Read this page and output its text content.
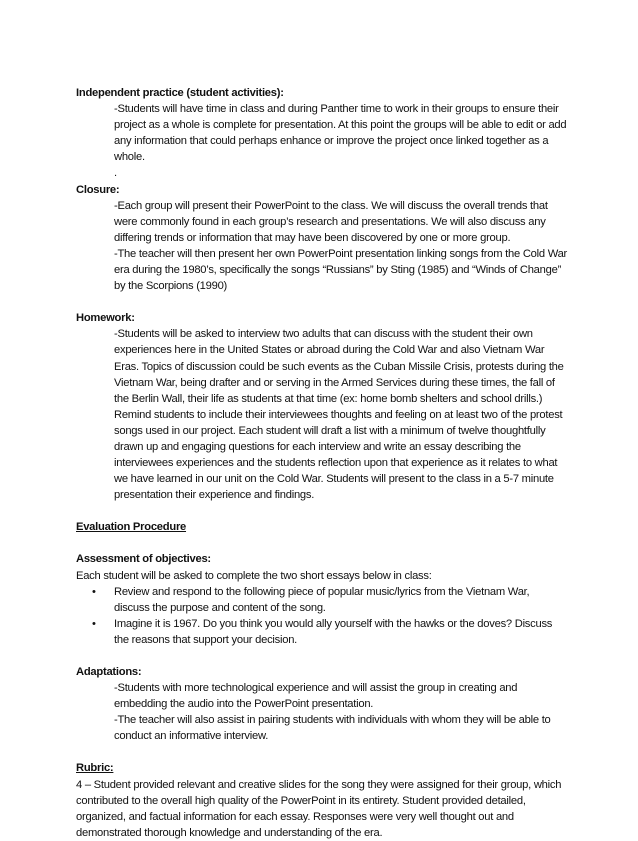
Independent practice (student activities):
-Students will have time in class and during Panther time to work in their groups to ensure their project as a whole is complete for presentation. At this point the groups will be able to edit or add any information that could perhaps enhance or improve the project once linked together as a whole.
.
Closure:
-Each group will present their PowerPoint to the class. We will discuss the overall trends that were commonly found in each group’s research and presentations. We will also discuss any differing trends or information that may have been discovered by one or more group.
-The teacher will then present her own PowerPoint presentation linking songs from the Cold War era during the 1980’s, specifically the songs “Russians” by Sting (1985) and “Winds of Change” by the Scorpions (1990)
Homework:
-Students will be asked to interview two adults that can discuss with the student their own experiences here in the United States or abroad during the Cold War and also Vietnam War Eras. Topics of discussion could be such events as the Cuban Missile Crisis, protests during the Vietnam War, being drafter and or serving in the Armed Services during these times, the fall of the Berlin Wall, their life as students at that time (ex: home bomb shelters and school drills.) Remind students to include their interviewees thoughts and feeling on at least two of the protest songs used in our project. Each student will draft a list with a minimum of twelve thoughtfully drawn up and engaging questions for each interview and write an essay describing the interviewees experiences and the students reflection upon that experience as it relates to what we have learned in our unit on the Cold War. Students will present to the class in a 5-7 minute presentation their experience and findings.
Evaluation Procedure
Assessment of objectives:
Each student will be asked to complete the two short essays below in class:
• Review and respond to the following piece of popular music/lyrics from the Vietnam War, discuss the purpose and content of the song.
• Imagine it is 1967. Do you think you would ally yourself with the hawks or the doves? Discuss the reasons that support your decision.
Adaptations:
-Students with more technological experience and will assist the group in creating and embedding the audio into the PowerPoint presentation.
-The teacher will also assist in pairing students with individuals with whom they will be able to conduct an informative interview.
Rubric:
4 – Student provided relevant and creative slides for the song they were assigned for their group, which contributed to the overall high quality of the PowerPoint in its entirety. Student provided detailed, organized, and factual information for each essay. Responses were very well thought out and demonstrated thorough knowledge and understanding of the era.
